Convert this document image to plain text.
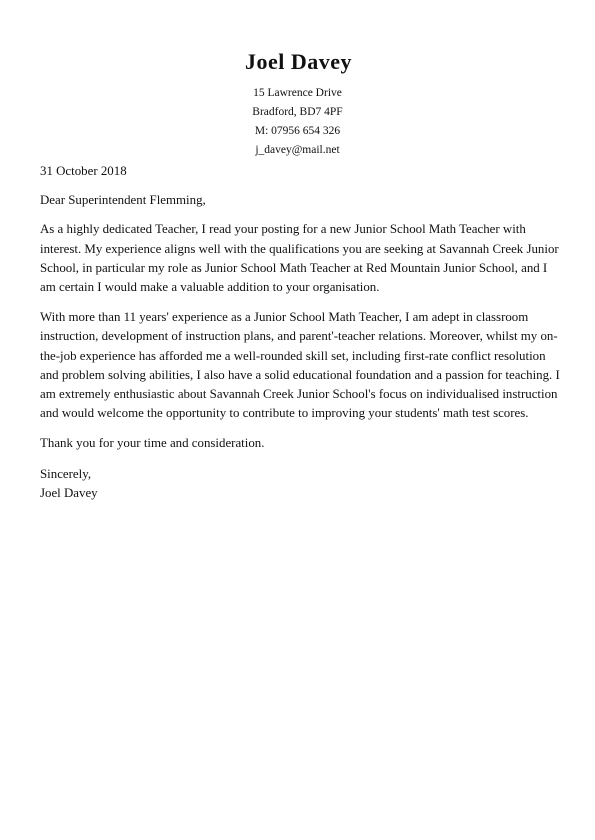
Joel Davey
15 Lawrence Drive
Bradford, BD7 4PF
M: 07956 654 326
j_davey@mail.net
31 October 2018
Dear Superintendent Flemming,
As a highly dedicated Teacher, I read your posting for a new Junior School Math Teacher with interest. My experience aligns well with the qualifications you are seeking at Savannah Creek Junior School, in particular my role as Junior School Math Teacher at Red Mountain Junior School, and I am certain I would make a valuable addition to your organisation.
With more than 11 years' experience as a Junior School Math Teacher, I am adept in classroom instruction, development of instruction plans, and parent'-teacher relations. Moreover, whilst my on-the-job experience has afforded me a well-rounded skill set, including first-rate conflict resolution and problem solving abilities, I also have a solid educational foundation and a passion for teaching. I am extremely enthusiastic about Savannah Creek Junior School's focus on individualised instruction and would welcome the opportunity to contribute to improving your students' math test scores.
Thank you for your time and consideration.
Sincerely,
Joel Davey
